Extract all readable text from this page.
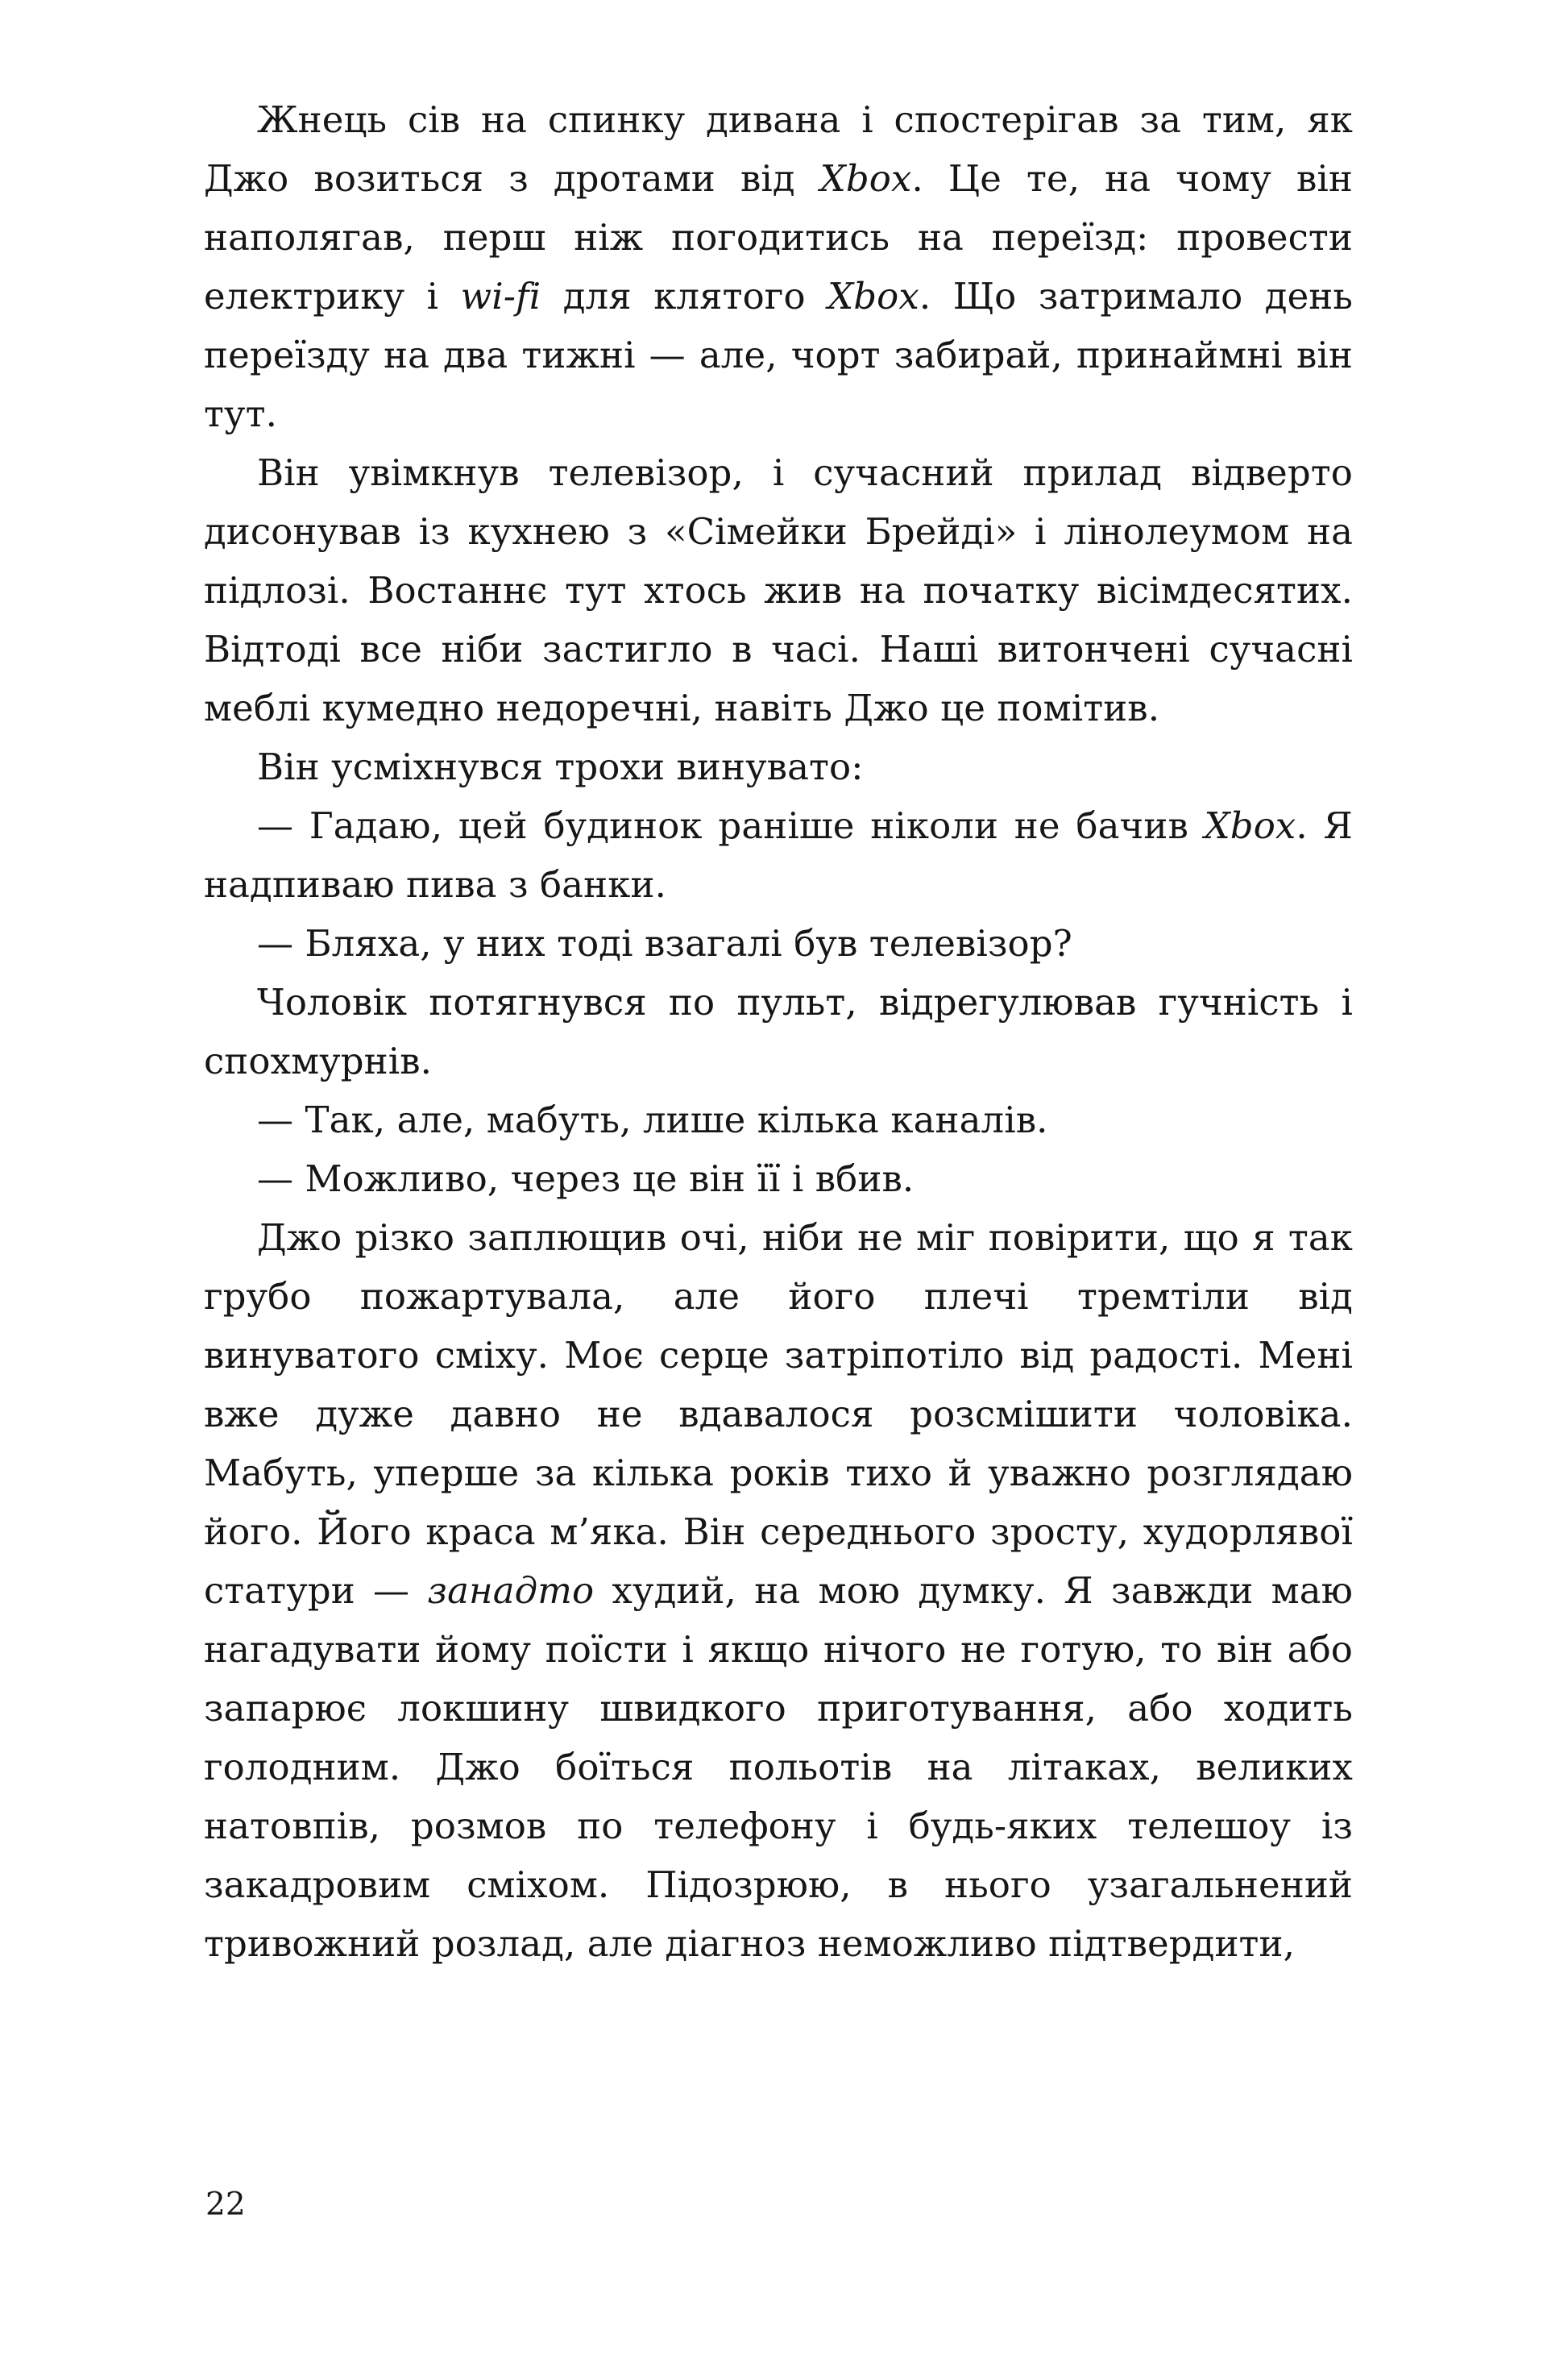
Жнець сів на спинку дивана і спостерігав за тим, як Джо возиться з дротами від Xbox. Це те, на чому він наполягав, перш ніж погодитись на переїзд: провести електрику і wi-fi для клятого Xbox. Що затримало день переїзду на два тижні — але, чорт забирай, принаймні він тут.

Він увімкнув телевізор, і сучасний прилад відверто дисонував із кухнею з «Сімейки Брейді» і лінолеумом на підлозі. Востаннє тут хтось жив на початку вісімдесятих. Відтоді все ніби застигло в часі. Наші витончені сучасні меблі кумедно недоречні, навіть Джо це помітив.

Він усміхнувся трохи винувато:

— Гадаю, цей будинок раніше ніколи не бачив Xbox. Я надпиваю пива з банки.

— Бляха, у них тоді взагалі був телевізор?

Чоловік потягнувся по пульт, відрегулював гучність і спохмурнів.

— Так, але, мабуть, лише кілька каналів.

— Можливо, через це він її і вбив.

Джо різко заплющив очі, ніби не міг повірити, що я так грубо пожартувала, але його плечі тремтіли від винуватого сміху. Моє серце затріпотіло від радості. Мені вже дуже давно не вдавалося розсмішити чоловіка. Мабуть, уперше за кілька років тихо й уважно розглядаю його. Його краса м’яка. Він середнього зросту, худорлявої статури — занадто худий, на мою думку. Я завжди маю нагадувати йому поїсти і якщо нічого не готую, то він або запарює локшину швидкого приготування, або ходить голодним. Джо боїться польотів на літаках, великих натовпів, розмов по телефону і будь-яких телешоу із закадровим сміхом. Підозрюю, в нього узагальнений тривожний розлад, але діагноз неможливо підтвердити,

22
